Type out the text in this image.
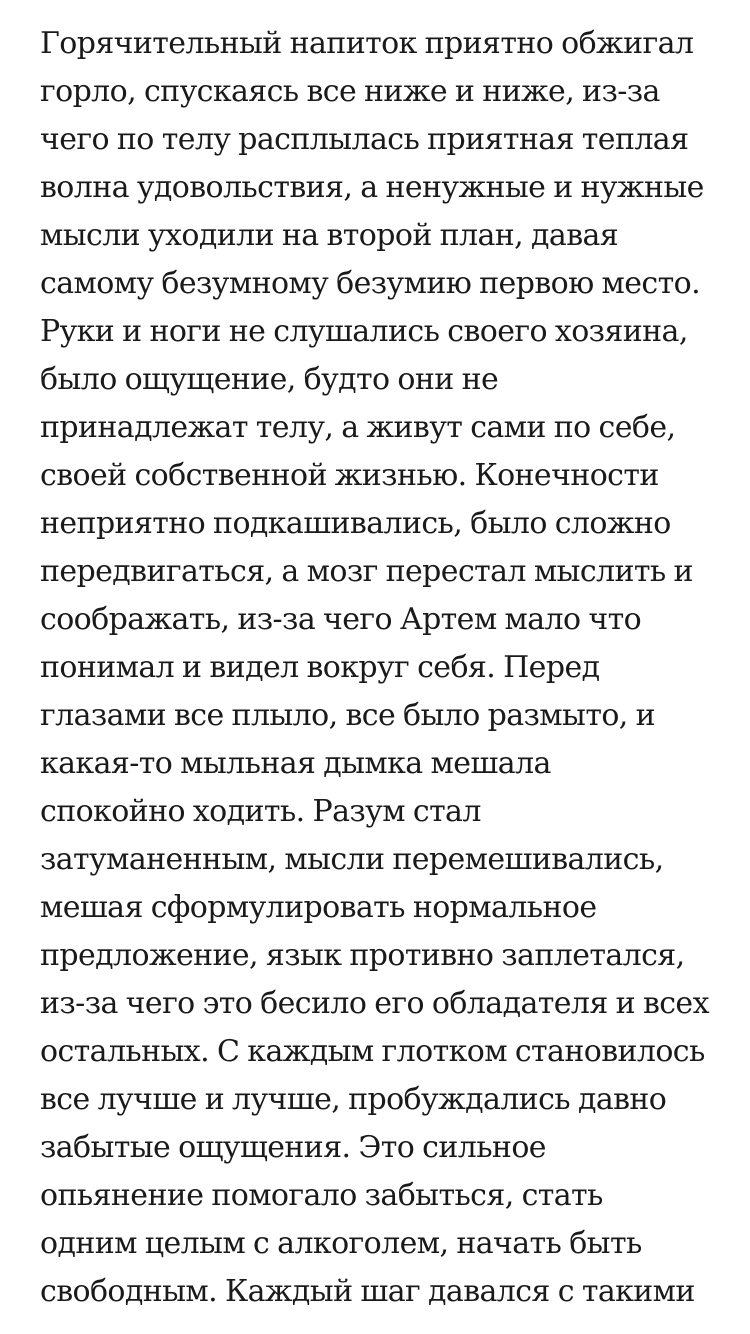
Горячительный напиток приятно обжигал
горло, спускаясь все ниже и ниже, из-за
чего по телу расплылась приятная теплая
волна удовольствия, а ненужные и нужные
мысли уходили на второй план, давая
самому безумному безумию первою место.
Руки и ноги не слушались своего хозяина,
было ощущение, будто они не
принадлежат телу, а живут сами по себе,
своей собственной жизнью. Конечности
неприятно подкашивались, было сложно
передвигаться, а мозг перестал мыслить и
соображать, из-за чего Артем мало что
понимал и видел вокруг себя. Перед
глазами все плыло, все было размыто, и
какая-то мыльная дымка мешала
спокойно ходить. Разум стал
затуманенным, мысли перемешивались,
мешая сформулировать нормальное
предложение, язык противно заплетался,
из-за чего это бесило его обладателя и всех
остальных. С каждым глотком становилось
все лучше и лучше, пробуждались давно
забытые ощущения. Это сильное
опьянение помогало забыться, стать
одним целым с алкоголем, начать быть
свободным. Каждый шаг давался с такими
